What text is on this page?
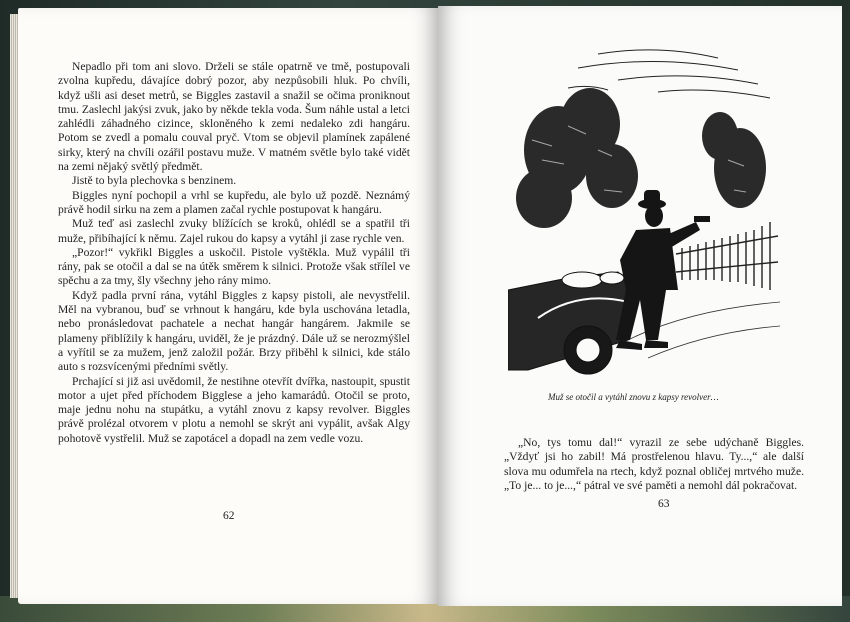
Nepadlo při tom ani slovo. Drželi se stále opatrně ve tmě, postupovali zvolna kupředu, dávajíce dobrý pozor, aby nezpůsobili hluk. Po chvíli, když ušli asi deset metrů, se Biggles zastavil a snažil se očima proniknout tmu. Zaslechl jakýsi zvuk, jako by někde tekla voda. Šum náhle ustal a letci zahlédli záhadného cizince, skloněného k zemi nedaleko zdi hangáru. Potom se zvedl a pomalu couval pryč. Vtom se objevil plamínek zapálené sirky, který na chvíli ozářil postavu muže. V matném světle bylo také vidět na zemi nějaký světlý předmět.

Jistě to byla plechovka s benzinem.

Biggles nyní pochopil a vrhl se kupředu, ale bylo už pozdě. Neznámý právě hodil sirku na zem a plamen začal rychle postupovat k hangáru.

Muž teď asi zaslechl zvuky blížících se kroků, ohlédl se a spatřil tři muže, přibíhající k němu. Zajel rukou do kapsy a vytáhl ji zase rychle ven.

„Pozor!“ vykřikl Biggles a uskočil. Pistole vyštěkla. Muž vypálil tři rány, pak se otočil a dal se na útěk směrem k silnici. Protože však střílel ve spěchu a za tmy, šly všechny jeho rány mimo.

Když padla první rána, vytáhl Biggles z kapsy pistoli, ale nevystřelil. Měl na vybranou, buď se vrhnout k hangáru, kde byla uschována letadla, nebo pronásledovat pachatele a nechat hangár hangárem. Jakmile se plameny přiblížily k hangáru, uviděl, že je prázdný. Dále už se nerozmýšlel a vyřítil se za mužem, jenž založil požár. Brzy přiběhl k silnici, kde stálo auto s rozsvícenými předními světly.

Prchající si již asi uvědomil, že nestihne otevřít dvířka, nastoupit, spustit motor a ujet před příchodem Bigglese a jeho kamarádů. Otočil se proto, maje jednu nohu na stupátku, a vytáhl znovu z kapsy revolver. Biggles právě prolézal otvorem v plotu a nemohl se skrýt ani vypálit, avšak Algy pohotově vystřelil. Muž se zapotácel a dopadl na zem vedle vozu.

62
Muž se otočil a vytáhl znovu z kapsy revolver…

„No, tys tomu dal!“ vyrazil ze sebe udýchaně Biggles. „Vždyť jsi ho zabil! Má prostřelenou hlavu. Ty...,“ ale další slova mu odumřela na rtech, když poznal obličej mrtvého muže. „To je... to je...,“ pátral ve své paměti a nemohl dál pokračovat.

63
